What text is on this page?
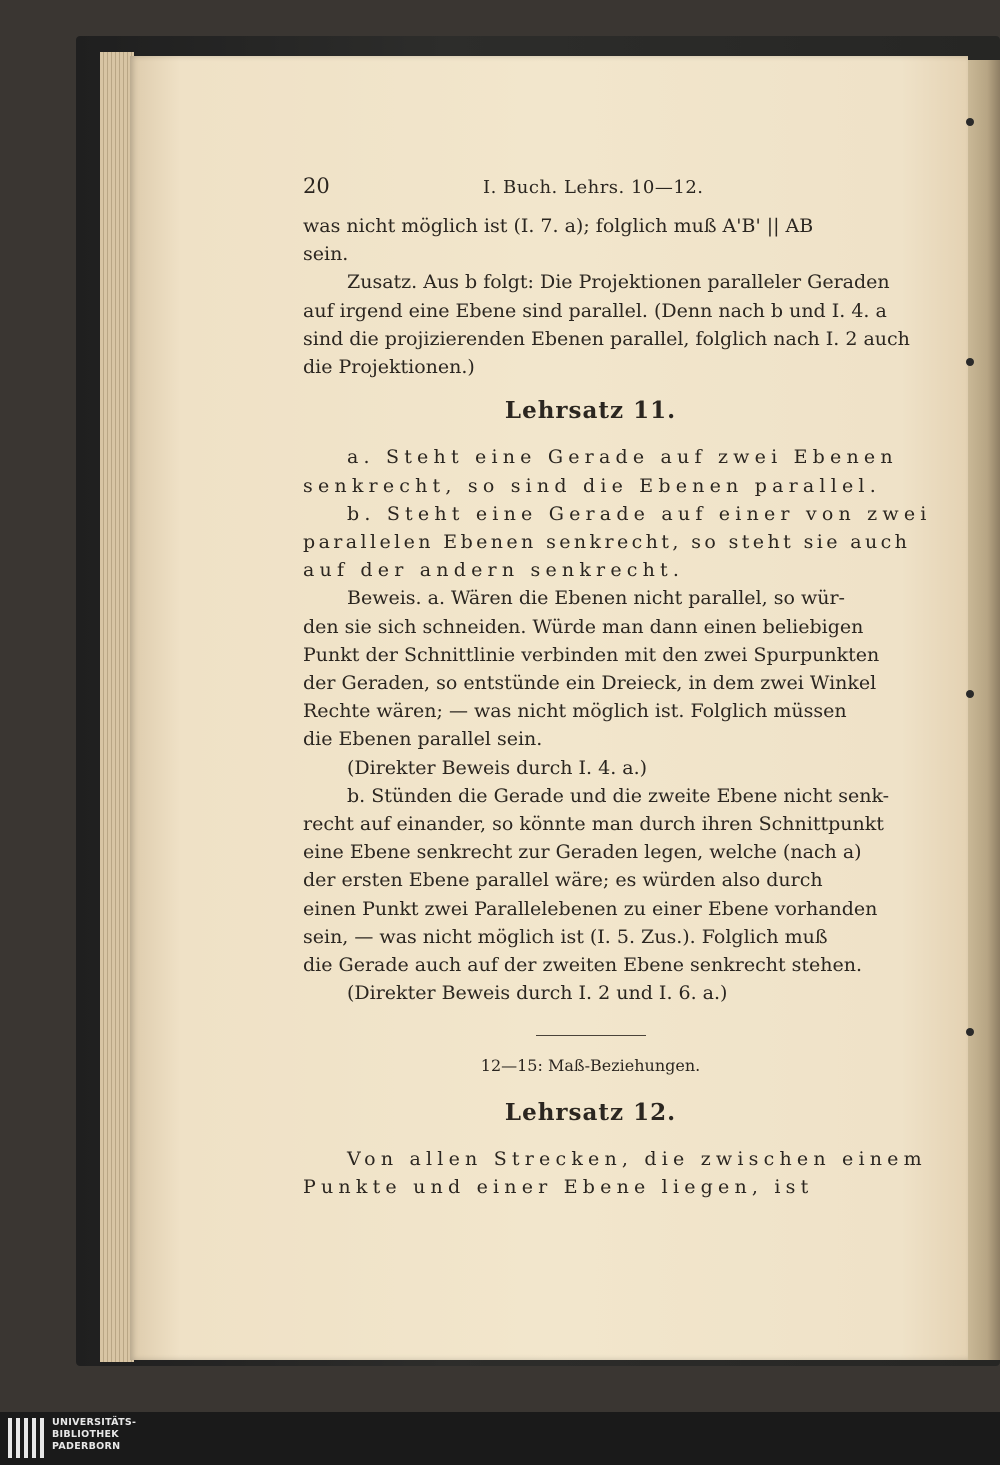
20	I. Buch. Lehrs. 10—12.
was nicht möglich ist (I. 7. a); folglich muß A'B' || AB
sein.
Zusatz. Aus b folgt: Die Projektionen paralleler Geraden
auf irgend eine Ebene sind parallel. (Denn nach b und I. 4. a
sind die projizierenden Ebenen parallel, folglich nach I. 2 auch
die Projektionen.)
Lehrsatz 11.
a. Steht eine Gerade auf zwei Ebenen
senkrecht, so sind die Ebenen parallel.
b. Steht eine Gerade auf einer von zwei
parallelen Ebenen senkrecht, so steht sie auch
auf der andern senkrecht.
Beweis. a. Wären die Ebenen nicht parallel, so wür-
den sie sich schneiden. Würde man dann einen beliebigen
Punkt der Schnittlinie verbinden mit den zwei Spurpunkten
der Geraden, so entstünde ein Dreieck, in dem zwei Winkel
Rechte wären; — was nicht möglich ist. Folglich müssen
die Ebenen parallel sein.
(Direkter Beweis durch I. 4. a.)
b. Stünden die Gerade und die zweite Ebene nicht senk-
recht auf einander, so könnte man durch ihren Schnittpunkt
eine Ebene senkrecht zur Geraden legen, welche (nach a)
der ersten Ebene parallel wäre; es würden also durch
einen Punkt zwei Parallelebenen zu einer Ebene vorhanden
sein, — was nicht möglich ist (I. 5. Zus.). Folglich muß
die Gerade auch auf der zweiten Ebene senkrecht stehen.
(Direkter Beweis durch I. 2 und I. 6. a.)
12—15: Maß-Beziehungen.
Lehrsatz 12.
Von allen Strecken, die zwischen einem
Punkte und einer Ebene liegen, ist
UNIVERSITÄTS-
BIBLIOTHEK
PADERBORN
